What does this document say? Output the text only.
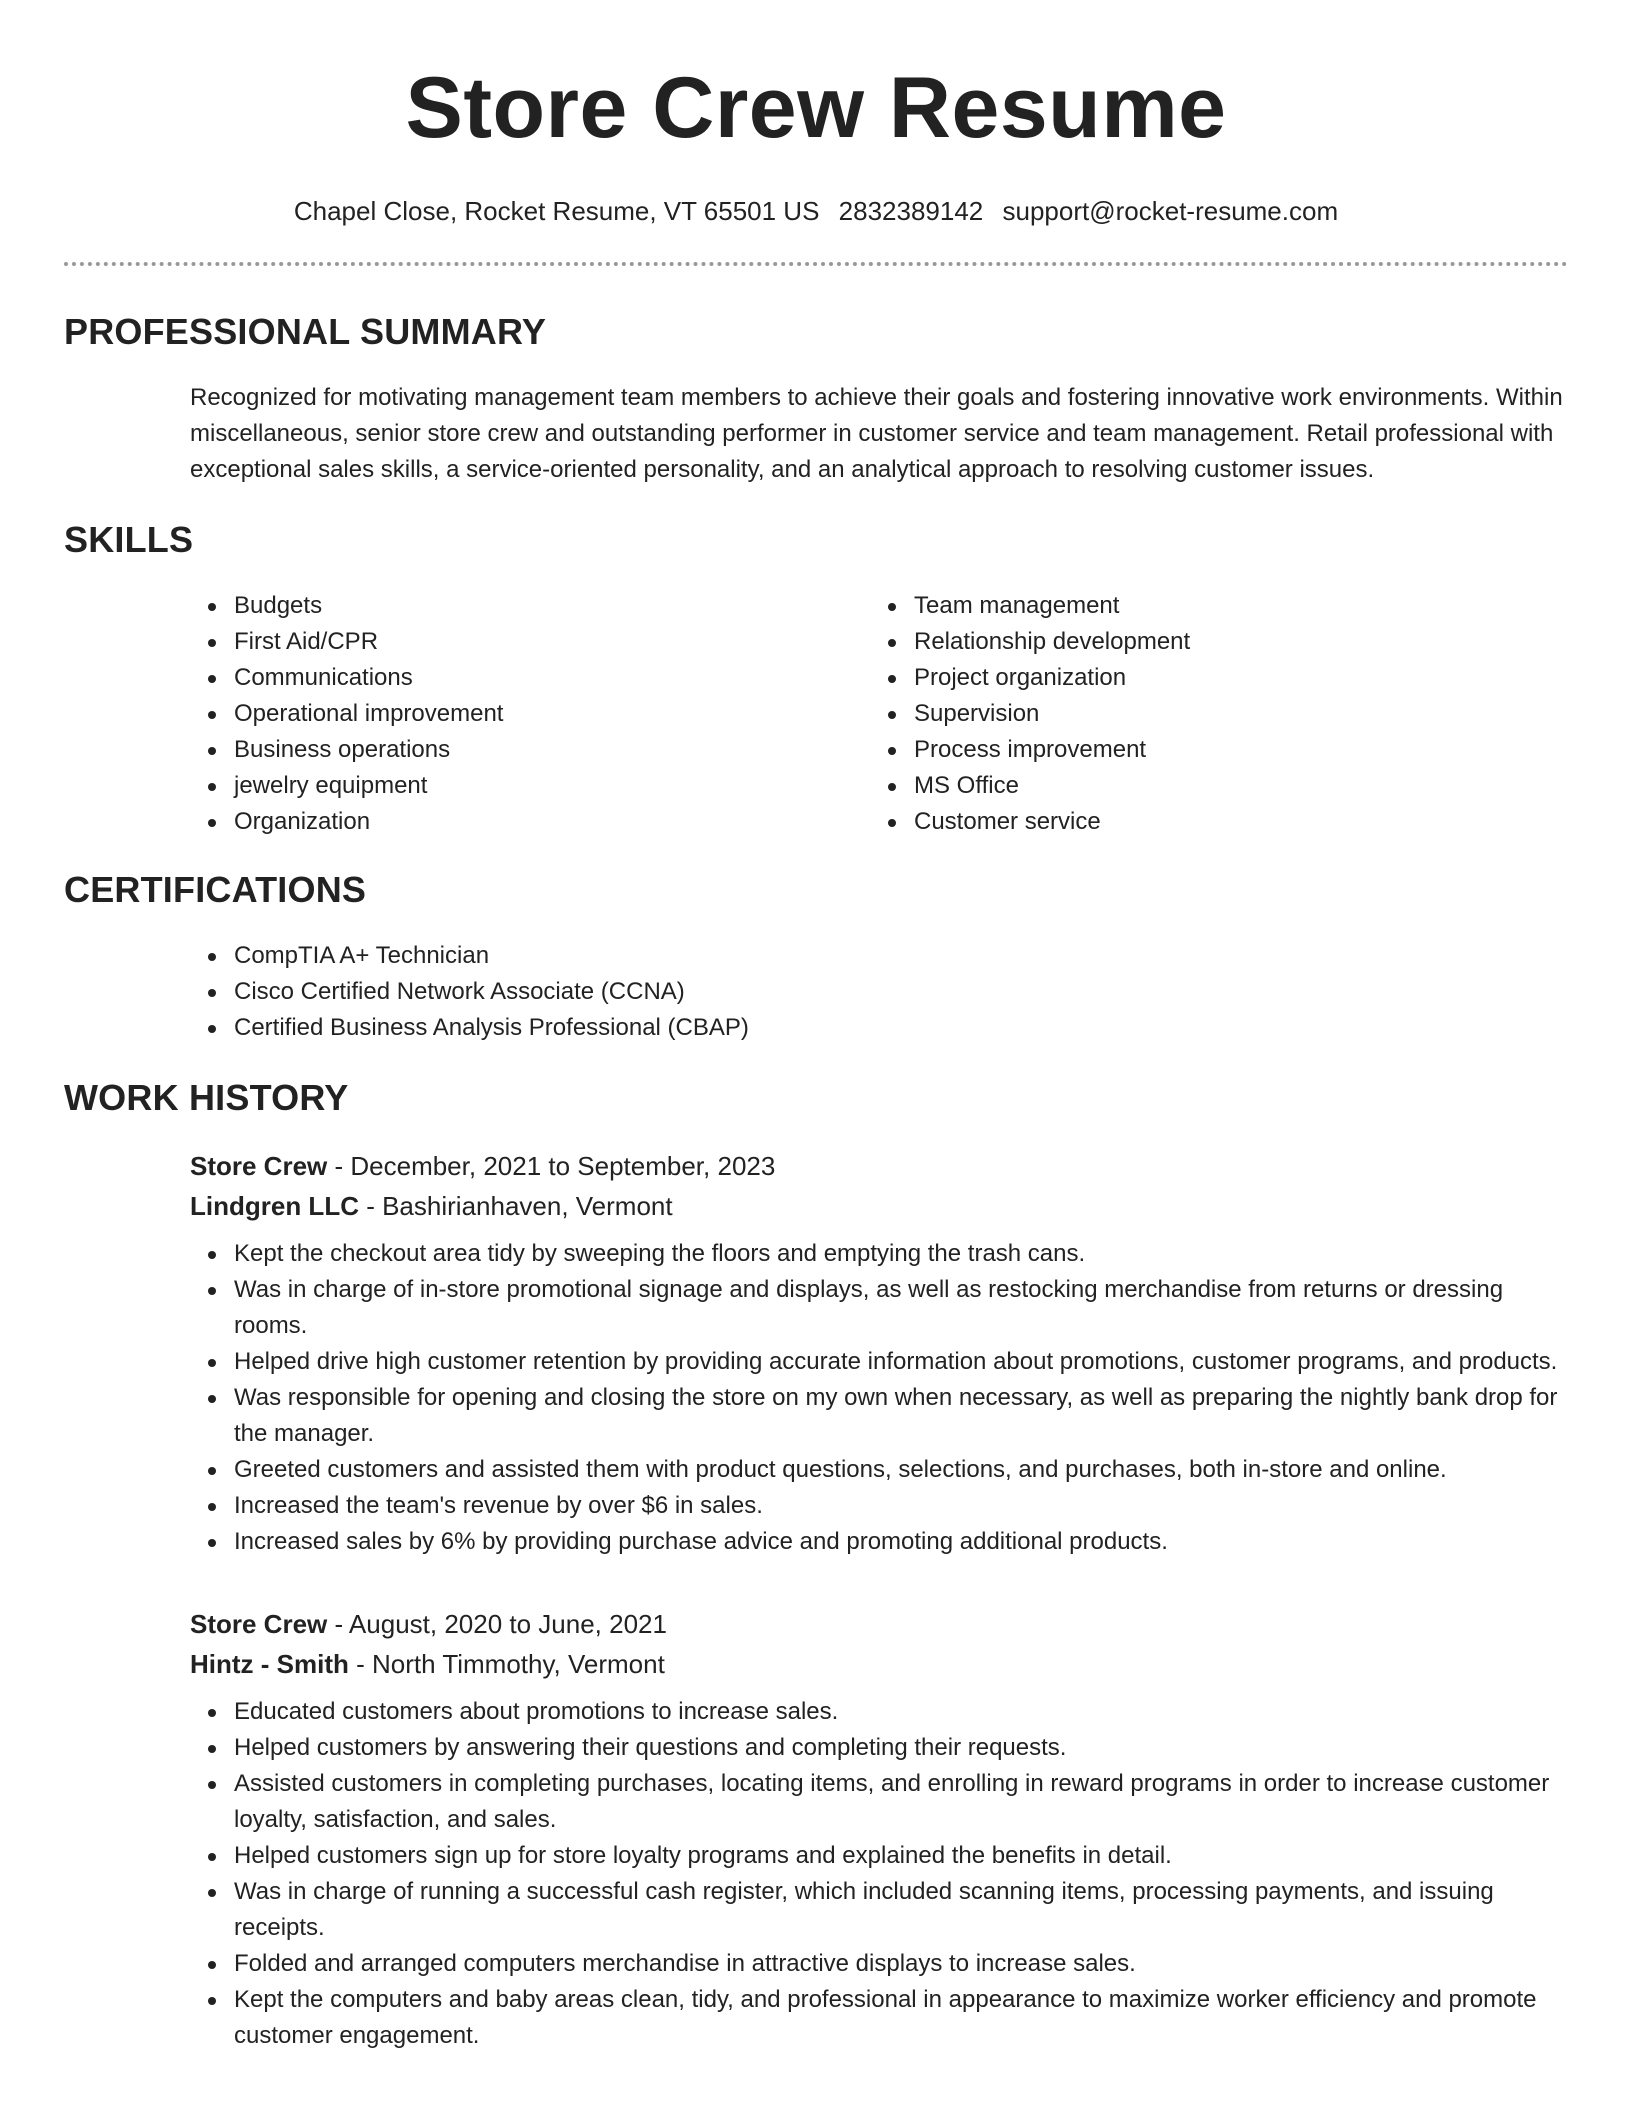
Store Crew Resume
Chapel Close, Rocket Resume, VT 65501 US 2832389142 support@rocket-resume.com
PROFESSIONAL SUMMARY

Recognized for motivating management team members to achieve their goals and fostering innovative work environments. Within miscellaneous, senior store crew and outstanding performer in customer service and team management. Retail professional with exceptional sales skills, a service-oriented personality, and an analytical approach to resolving customer issues.

SKILLS
Budgets
First Aid/CPR
Communications
Operational improvement
Business operations
jewelry equipment
Organization
Team management
Relationship development
Project organization
Supervision
Process improvement
MS Office
Customer service
CERTIFICATIONS
CompTIA A+ Technician
Cisco Certified Network Associate (CCNA)
Certified Business Analysis Professional (CBAP)
WORK HISTORY
Store Crew - December, 2021 to September, 2023
Lindgren LLC - Bashirianhaven, Vermont
Kept the checkout area tidy by sweeping the floors and emptying the trash cans.
Was in charge of in-store promotional signage and displays, as well as restocking merchandise from returns or dressing rooms.
Helped drive high customer retention by providing accurate information about promotions, customer programs, and products.
Was responsible for opening and closing the store on my own when necessary, as well as preparing the nightly bank drop for the manager.
Greeted customers and assisted them with product questions, selections, and purchases, both in-store and online.
Increased the team's revenue by over $6 in sales.
Increased sales by 6% by providing purchase advice and promoting additional products.
Store Crew - August, 2020 to June, 2021
Hintz - Smith - North Timmothy, Vermont
Educated customers about promotions to increase sales.
Helped customers by answering their questions and completing their requests.
Assisted customers in completing purchases, locating items, and enrolling in reward programs in order to increase customer loyalty, satisfaction, and sales.
Helped customers sign up for store loyalty programs and explained the benefits in detail.
Was in charge of running a successful cash register, which included scanning items, processing payments, and issuing receipts.
Folded and arranged computers merchandise in attractive displays to increase sales.
Kept the computers and baby areas clean, tidy, and professional in appearance to maximize worker efficiency and promote customer engagement.
